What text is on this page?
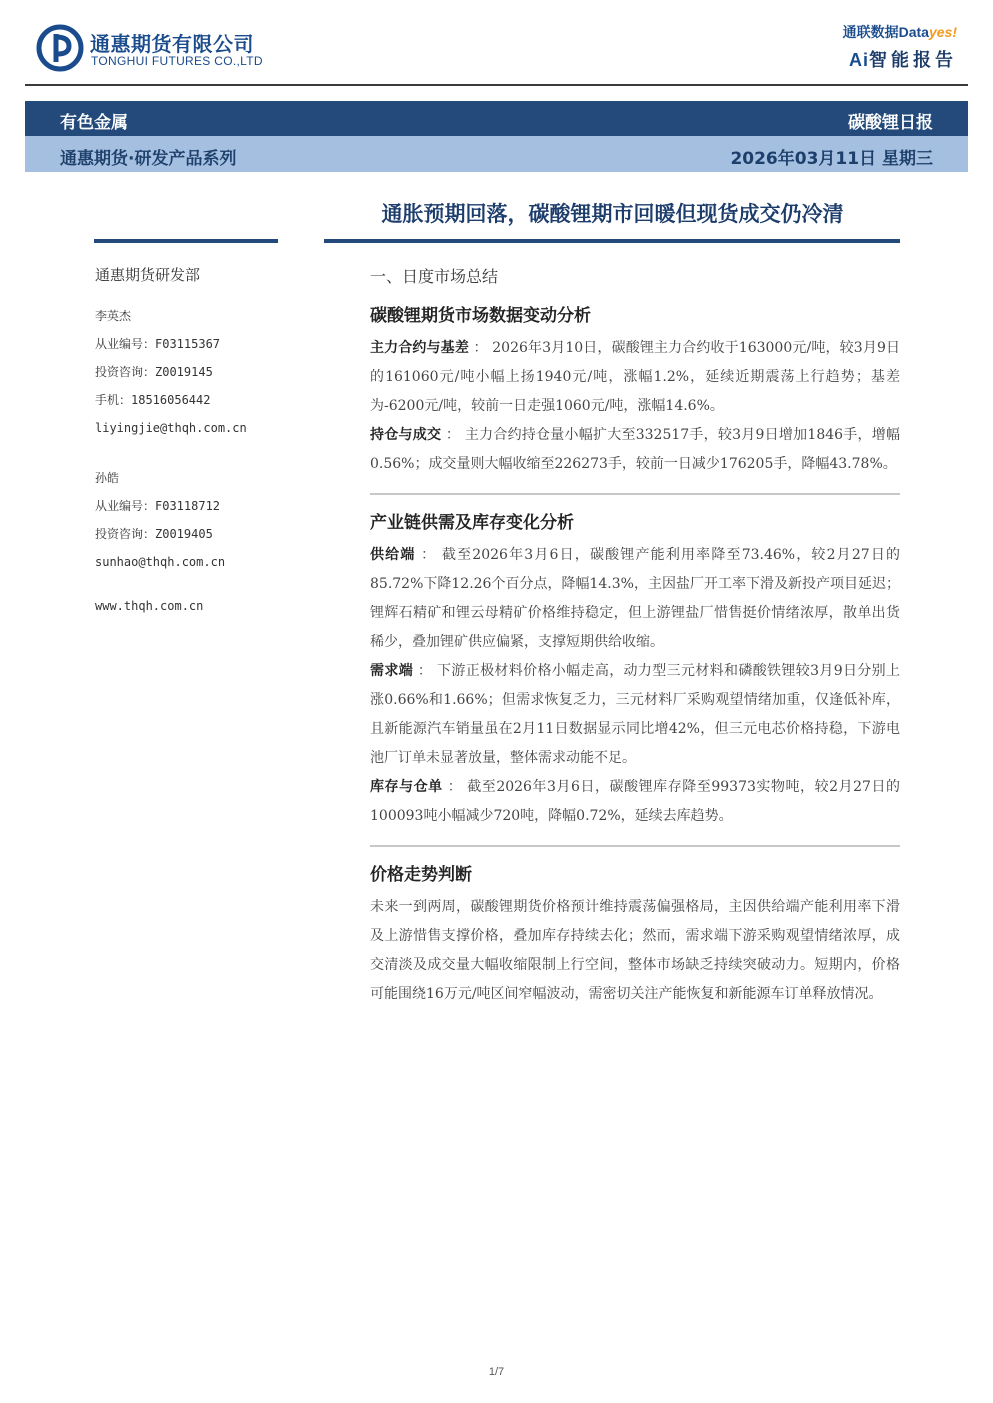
通惠期货有限公司
TONGHUI FUTURES CO.,LTD
通联数据Datayes!
Ai智能报告
有色金属	碳酸锂日报
通惠期货·研发产品系列	2026年03月11日 星期三
通胀预期回落，碳酸锂期市回暖但现货成交仍冷清
通惠期货研发部
李英杰
从业编号：F03115367
投资咨询：Z0019145
手机：18516056442
liyingjie@thqh.com.cn
孙皓
从业编号：F03118712
投资咨询：Z0019405
sunhao@thqh.com.cn
www.thqh.com.cn
一、日度市场总结
碳酸锂期货市场数据变动分析

主力合约与基差 ： 2026年3月10日，碳酸锂主力合约收于163000元/吨，较3月9日的161060元/吨小幅上扬1940元/吨，涨幅1.2%，延续近期震荡上行趋势；基差为-6200元/吨，较前一日走强1060元/吨，涨幅14.6%。

持仓与成交 ： 主力合约持仓量小幅扩大至332517手，较3月9日增加1846手，增幅0.56%；成交量则大幅收缩至226273手，较前一日减少176205手，降幅43.78%。

产业链供需及库存变化分析

供给端 ： 截至2026年3月6日，碳酸锂产能利用率降至73.46%，较2月27日的85.72%下降12.26个百分点，降幅14.3%，主因盐厂开工率下滑及新投产项目延迟；锂辉石精矿和锂云母精矿价格维持稳定，但上游锂盐厂惜售挺价情绪浓厚，散单出货稀少，叠加锂矿供应偏紧，支撑短期供给收缩。

需求端 ： 下游正极材料价格小幅走高，动力型三元材料和磷酸铁锂较3月9日分别上涨0.66%和1.66%；但需求恢复乏力，三元材料厂采购观望情绪加重，仅逢低补库，且新能源汽车销量虽在2月11日数据显示同比增42%，但三元电芯价格持稳，下游电池厂订单未显著放量，整体需求动能不足。

库存与仓单 ： 截至2026年3月6日，碳酸锂库存降至99373实物吨，较2月27日的100093吨小幅减少720吨，降幅0.72%，延续去库趋势。

价格走势判断

未来一到两周，碳酸锂期货价格预计维持震荡偏强格局，主因供给端产能利用率下滑及上游惜售支撑价格，叠加库存持续去化；然而，需求端下游采购观望情绪浓厚，成交清淡及成交量大幅收缩限制上行空间，整体市场缺乏持续突破动力。短期内，价格可能围绕16万元/吨区间窄幅波动，需密切关注产能恢复和新能源车订单释放情况。

1/7
